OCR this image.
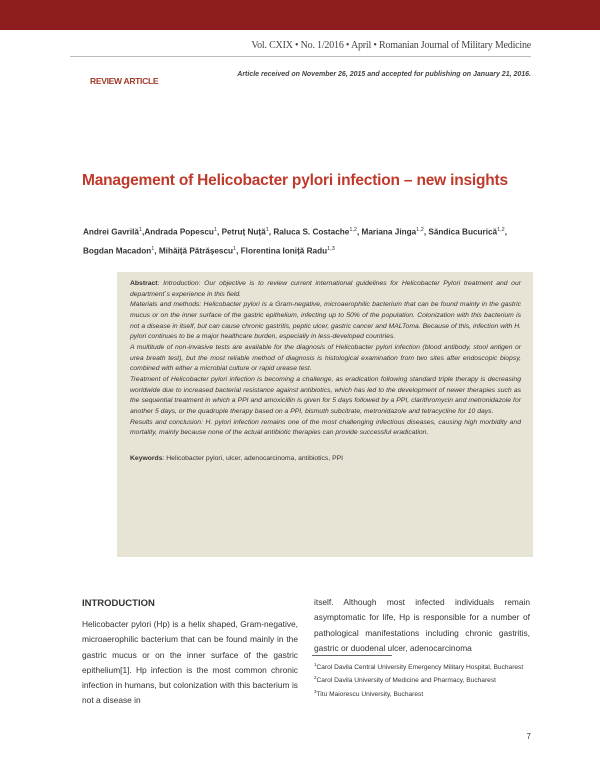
Vol. CXIX • No. 1/2016 • April • Romanian Journal of Military Medicine
REVIEW ARTICLE
Article received on November 26, 2015 and accepted for publishing on January 21, 2016.
Management of Helicobacter pylori infection – new insights
Andrei Gavrilă$^1$,Andrada Popescu$^1$, Petruț Nuță$^1$, Raluca S. Costache$^{1,2}$, Mariana Jinga$^{1,2}$, Săndica Bucurică$^{1,2}$, Bogdan Macadon$^1$, Mihăiță Pătrășescu$^1$, Florentina Ioniță Radu$^{1,3}$

Abstract: Introduction: Our objective is to review current international guidelines for Helicobacter Pylori treatment and our department`s experience in this field.

Materials and methods: Helicobacter pylori is a Gram-negative, microaerophilic bacterium that can be found mainly in the gastric mucus or on the inner surface of the gastric epithelium, infecting up to 50% of the population. Colonization with this bacterium is not a disease in itself, but can cause chronic gastritis, peptic ulcer, gastric cancer and MALToma. Because of this, infection with H. pylori continues to be a major healthcare burden, especially in less-developed countries.

A multitude of non-invasive tests are available for the diagnosis of Helicobacter pylori infection (blood antibody, stool antigen or urea breath test), but the most reliable method of diagnosis is histological examination from two sites after endoscopic biopsy, combined with either a microbial culture or rapid urease test.

Treatment of Helicobacter pylori infection is becoming a challenge, as eradication following standard triple therapy is decreasing worldwide due to increased bacterial resistance against antibiotics, which has led to the development of newer therapies such as the sequential treatment in which a PPI and amoxicillin is given for 5 days followed by a PPI, clarithromycin and metronidazole for another 5 days, or the quadruple therapy based on a PPI, bismuth subcitrate, metronidazole and tetracycline for 10 days.

Results and conclusion: H. pylori infection remains one of the most challenging infectious diseases, causing high morbidity and mortality, mainly because none of the actual antibiotic therapies can provide successful eradication.

Keywords: Helicobacter pylori, ulcer, adenocarcinoma, antibiotics, PPI

INTRODUCTION

Helicobacter pylori (Hp) is a helix shaped, Gram-negative, microaerophilic bacterium that can be found mainly in the gastric mucus or on the inner surface of the gastric epithelium[1]. Hp infection is the most common chronic infection in humans, but colonization with this bacterium is not a disease in

itself. Although most infected individuals remain asymptomatic for life, Hp is responsible for a number of pathological manifestations including chronic gastritis, gastric or duodenal ulcer, adenocarcinoma

$^1$Carol Davila Central University Emergency Military Hospital, Bucharest

$^2$Carol Davila University of Medicine and Pharmacy, Bucharest

$^3$Titu Maiorescu University, Bucharest

7
